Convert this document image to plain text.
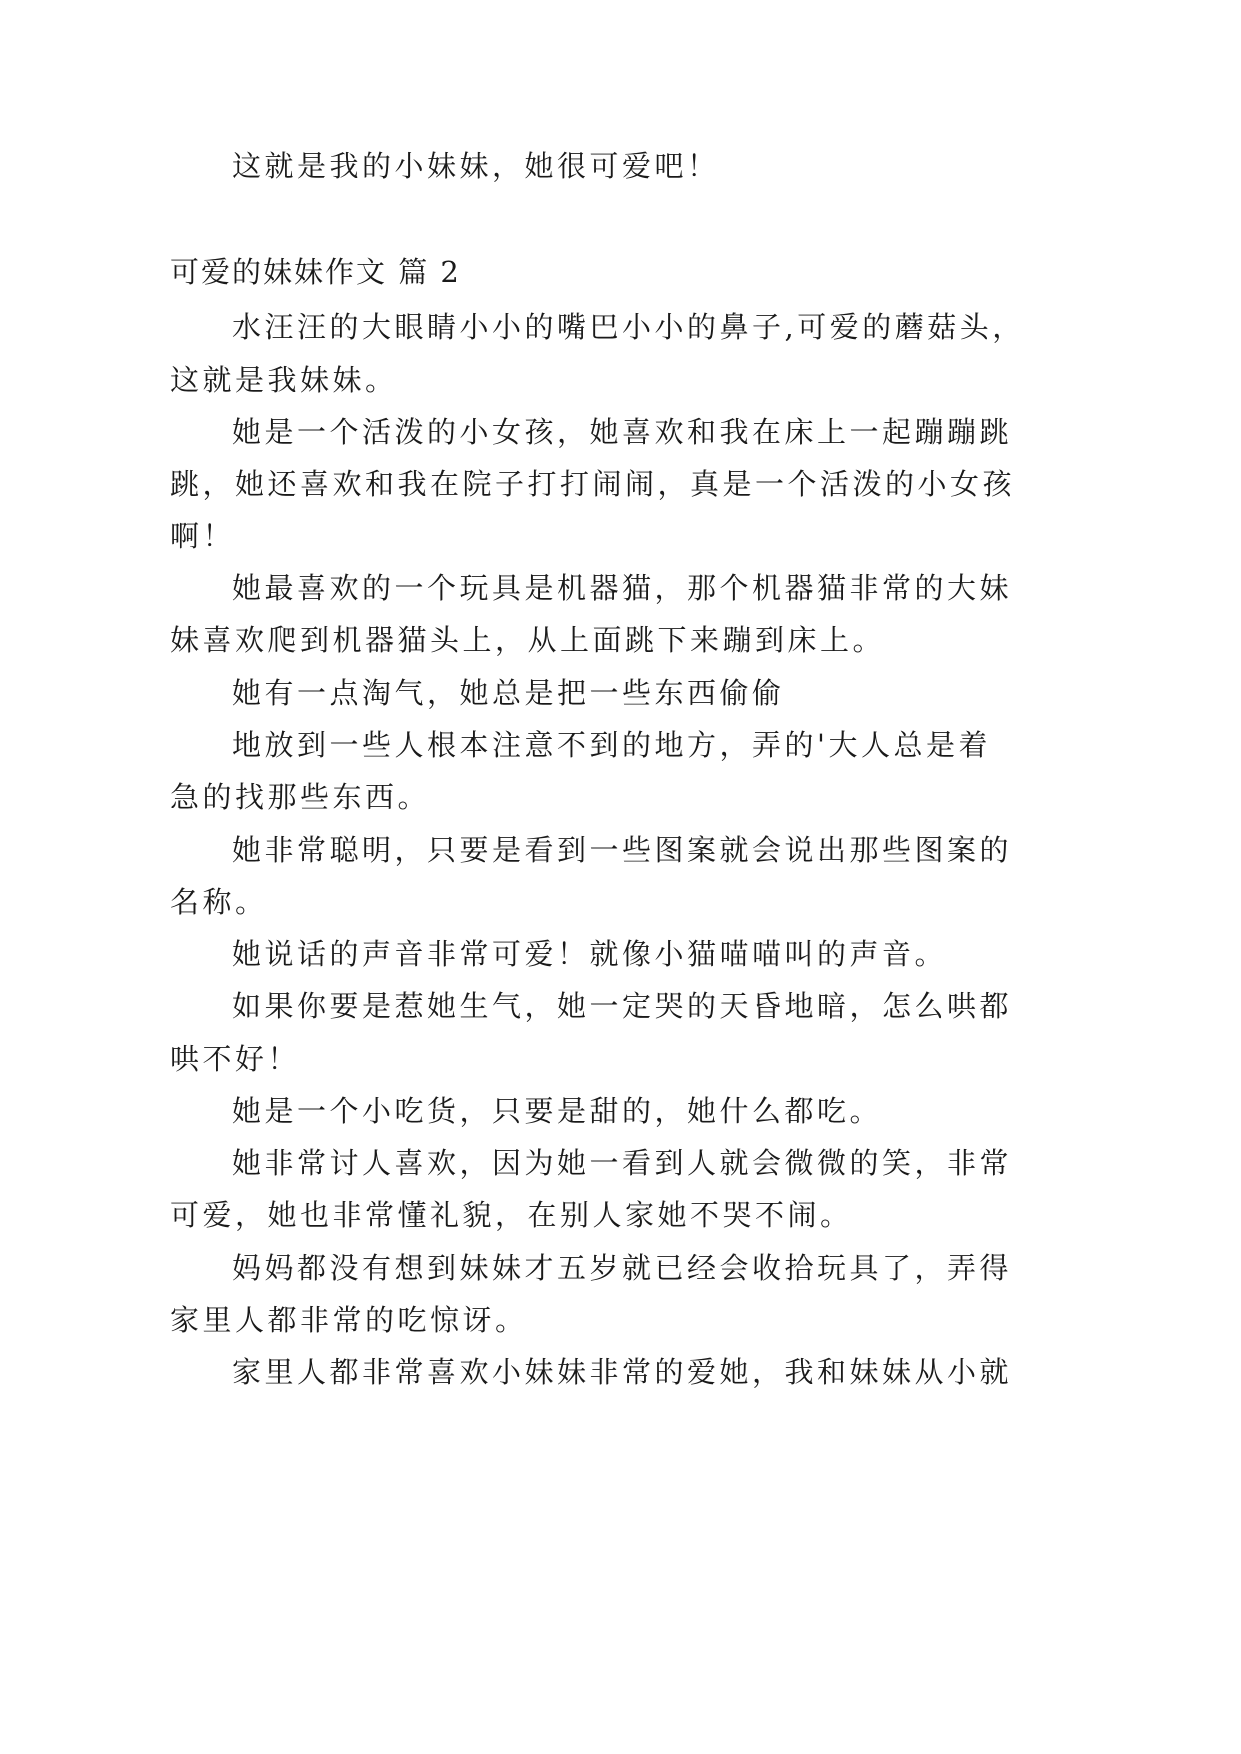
这就是我的小妹妹，她很可爱吧！
可爱的妹妹作文 篇 2
水汪汪的大眼睛小小的嘴巴小小的鼻子,可爱的蘑菇头，
这就是我妹妹。
她是一个活泼的小女孩，她喜欢和我在床上一起蹦蹦跳
跳，她还喜欢和我在院子打打闹闹，真是一个活泼的小女孩
啊！
她最喜欢的一个玩具是机器猫，那个机器猫非常的大妹
妹喜欢爬到机器猫头上，从上面跳下来蹦到床上。
她有一点淘气，她总是把一些东西偷偷
地放到一些人根本注意不到的地方，弄的'大人总是着
急的找那些东西。
她非常聪明，只要是看到一些图案就会说出那些图案的
名称。
她说话的声音非常可爱！就像小猫喵喵叫的声音。
如果你要是惹她生气，她一定哭的天昏地暗，怎么哄都
哄不好！
她是一个小吃货，只要是甜的，她什么都吃。
她非常讨人喜欢，因为她一看到人就会微微的笑，非常
可爱，她也非常懂礼貌，在别人家她不哭不闹。
妈妈都没有想到妹妹才五岁就已经会收拾玩具了，弄得
家里人都非常的吃惊讶。
家里人都非常喜欢小妹妹非常的爱她，我和妹妹从小就
